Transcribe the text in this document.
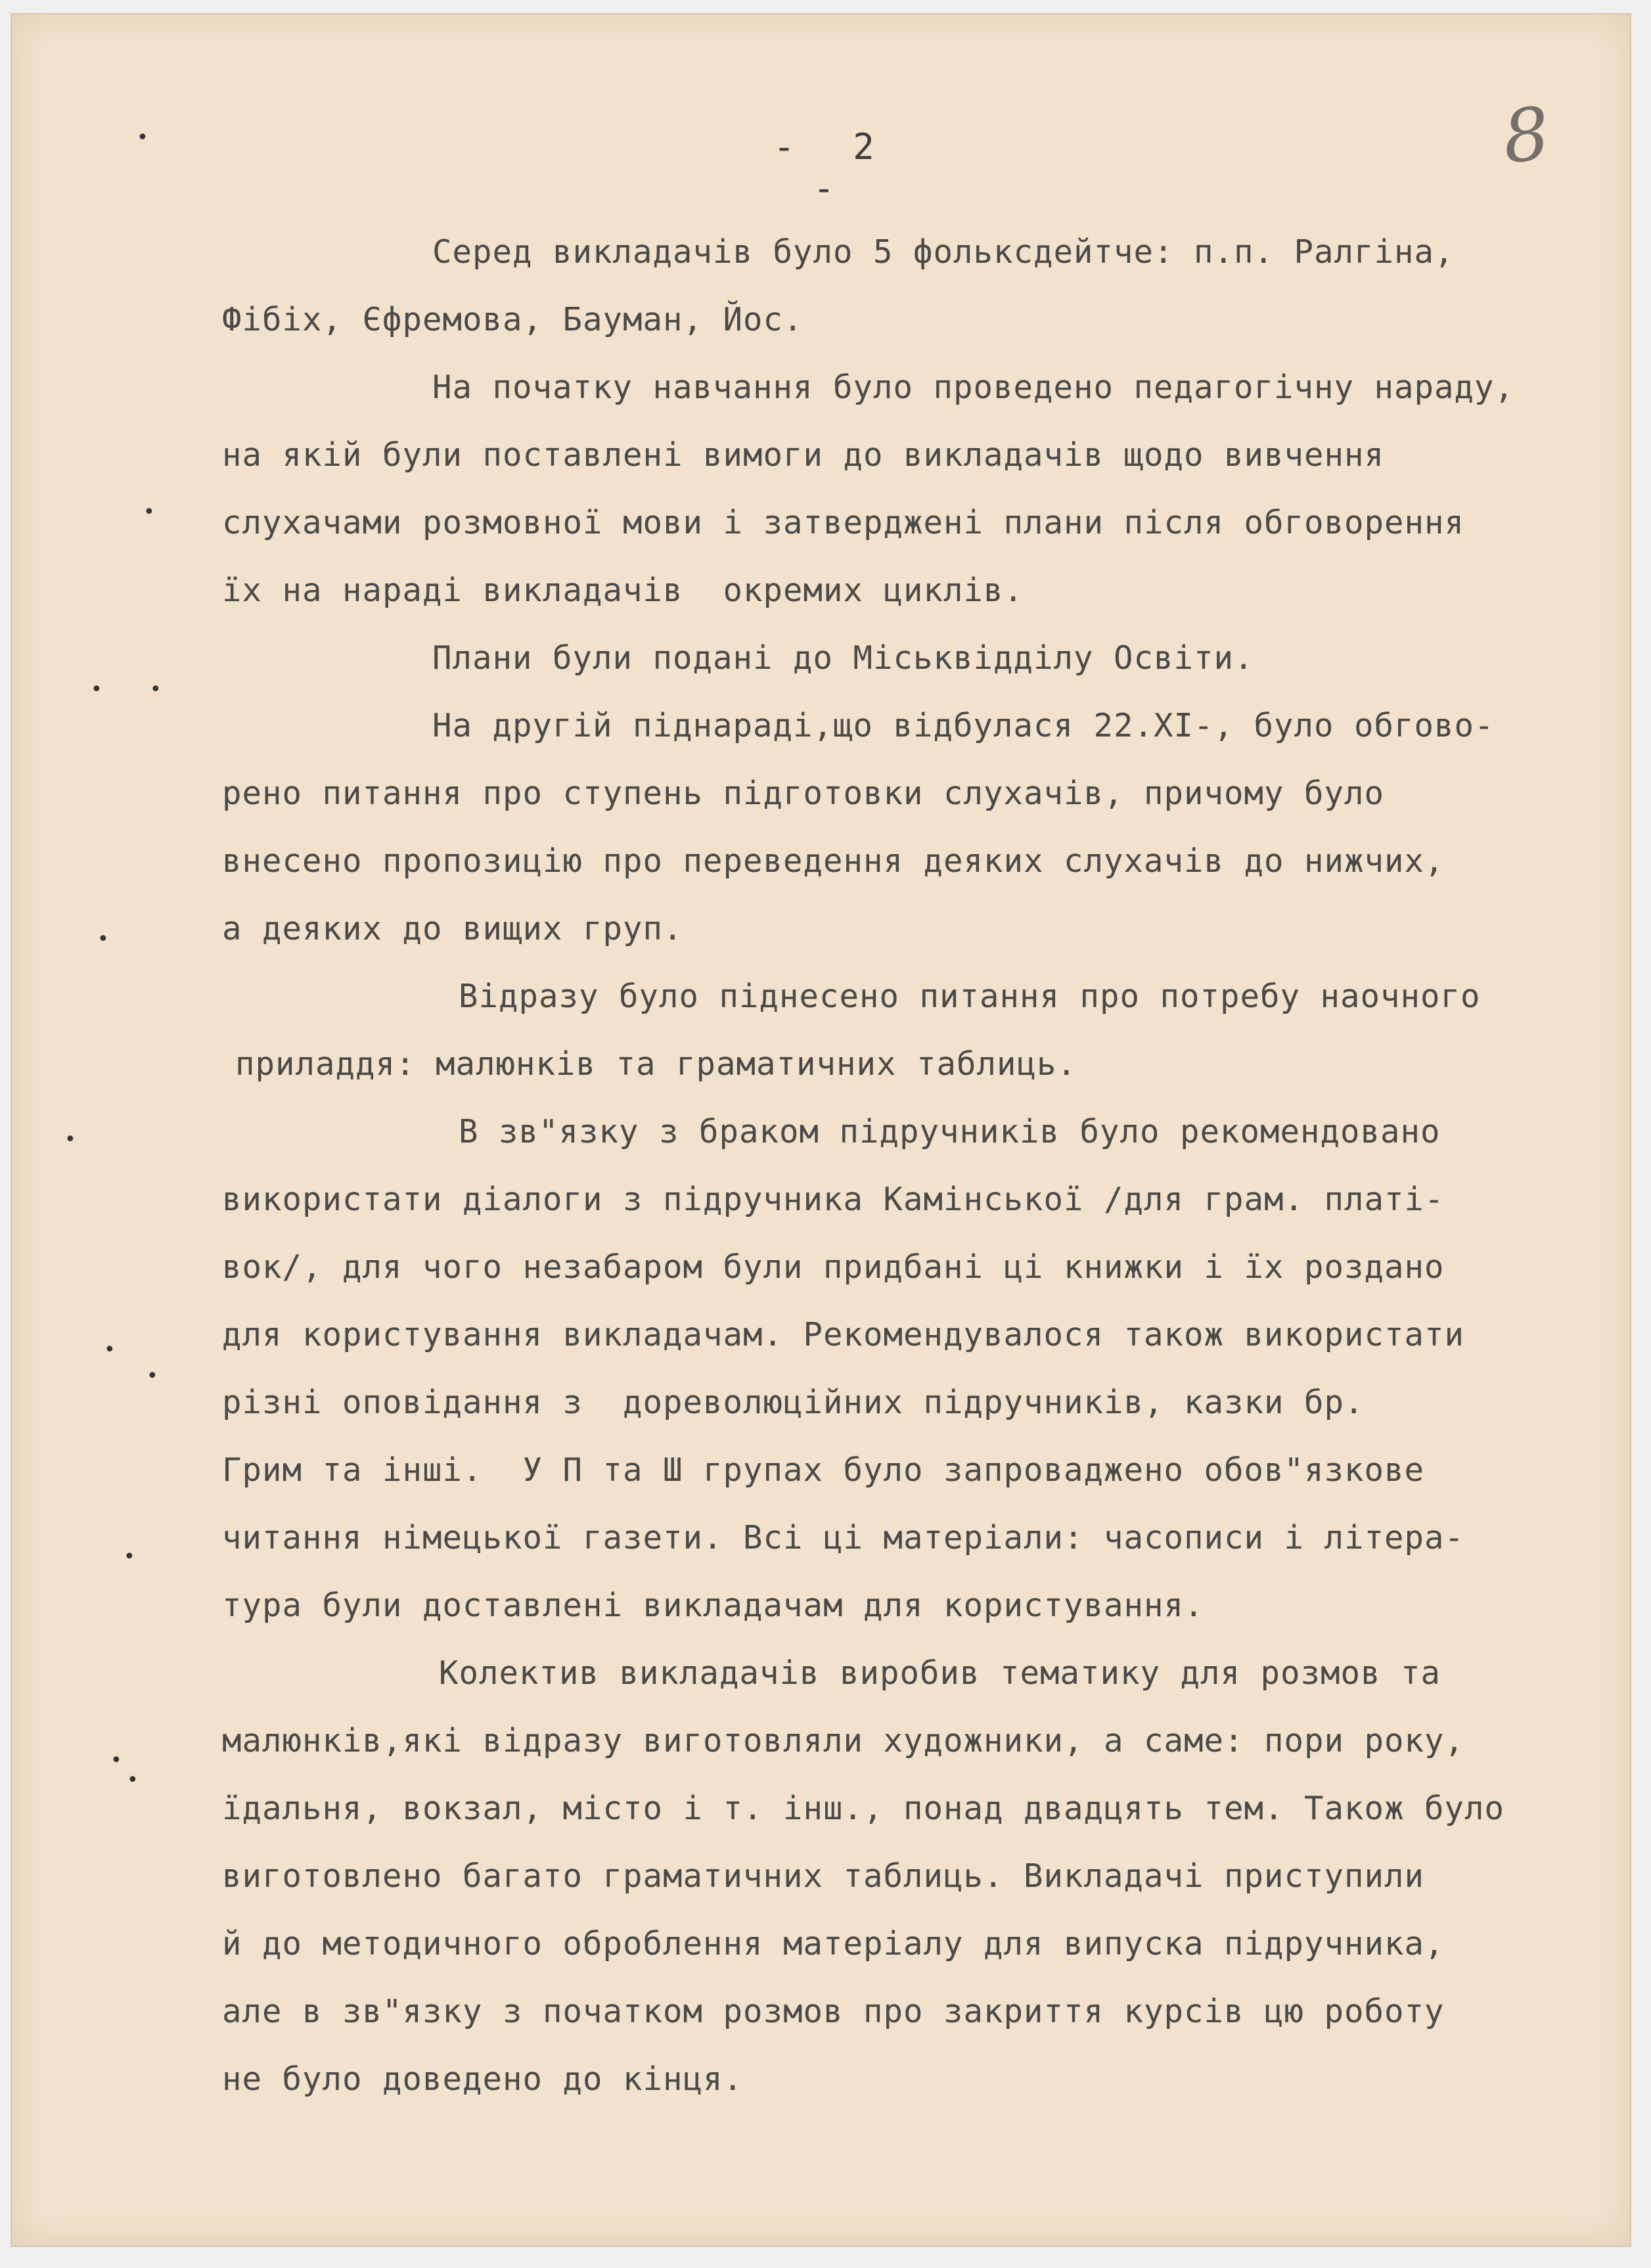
8
- 2 -
•
•
• •
•
•
•
•
•
•
•
Серед викладачів було 5 фольксдейтче: п.п. Ралгіна,
Фібіх, Єфремова, Бауман, Йос.
На початку навчання було проведено педагогічну нараду,
на якій були поставлені вимоги до викладачів щодо вивчення
слухачами розмовної мови і затверджені плани після обговорення
їх на нараді викладачів  окремих циклів.
Плани були подані до Міськвідділу Освіти.
На другій піднараді,що відбулася 22.XI-, було обгово-
рено питання про ступень підготовки слухачів, причому було
внесено пропозицію про переведення деяких слухачів до нижчих,
а деяких до вищих груп.
Відразу було піднесено питання про потребу наочного
приладдя: малюнків та граматичних таблиць.
В зв"язку з браком підручників було рекомендовано
використати діалоги з підручника Камінської /для грам. платі-
вок/, для чого незабаром були придбані ці книжки і їх роздано
для користування викладачам. Рекомендувалося також використати
різні оповідання з  дореволюційних підручників, казки бр.
Грим та інші.  У П та Ш групах було запроваджено обов"язкове
читання німецької газети. Всі ці матеріали: часописи і літера-
тура були доставлені викладачам для користування.
Колектив викладачів виробив тематику для розмов та
малюнків,які відразу виготовляли художники, а саме: пори року,
їдальня, вокзал, місто і т. інш., понад двадцять тем. Також було
виготовлено багато граматичних таблиць. Викладачі приступили
й до методичного оброблення матеріалу для випуска підручника,
але в зв"язку з початком розмов про закриття курсів цю роботу
не було доведено до кінця.
